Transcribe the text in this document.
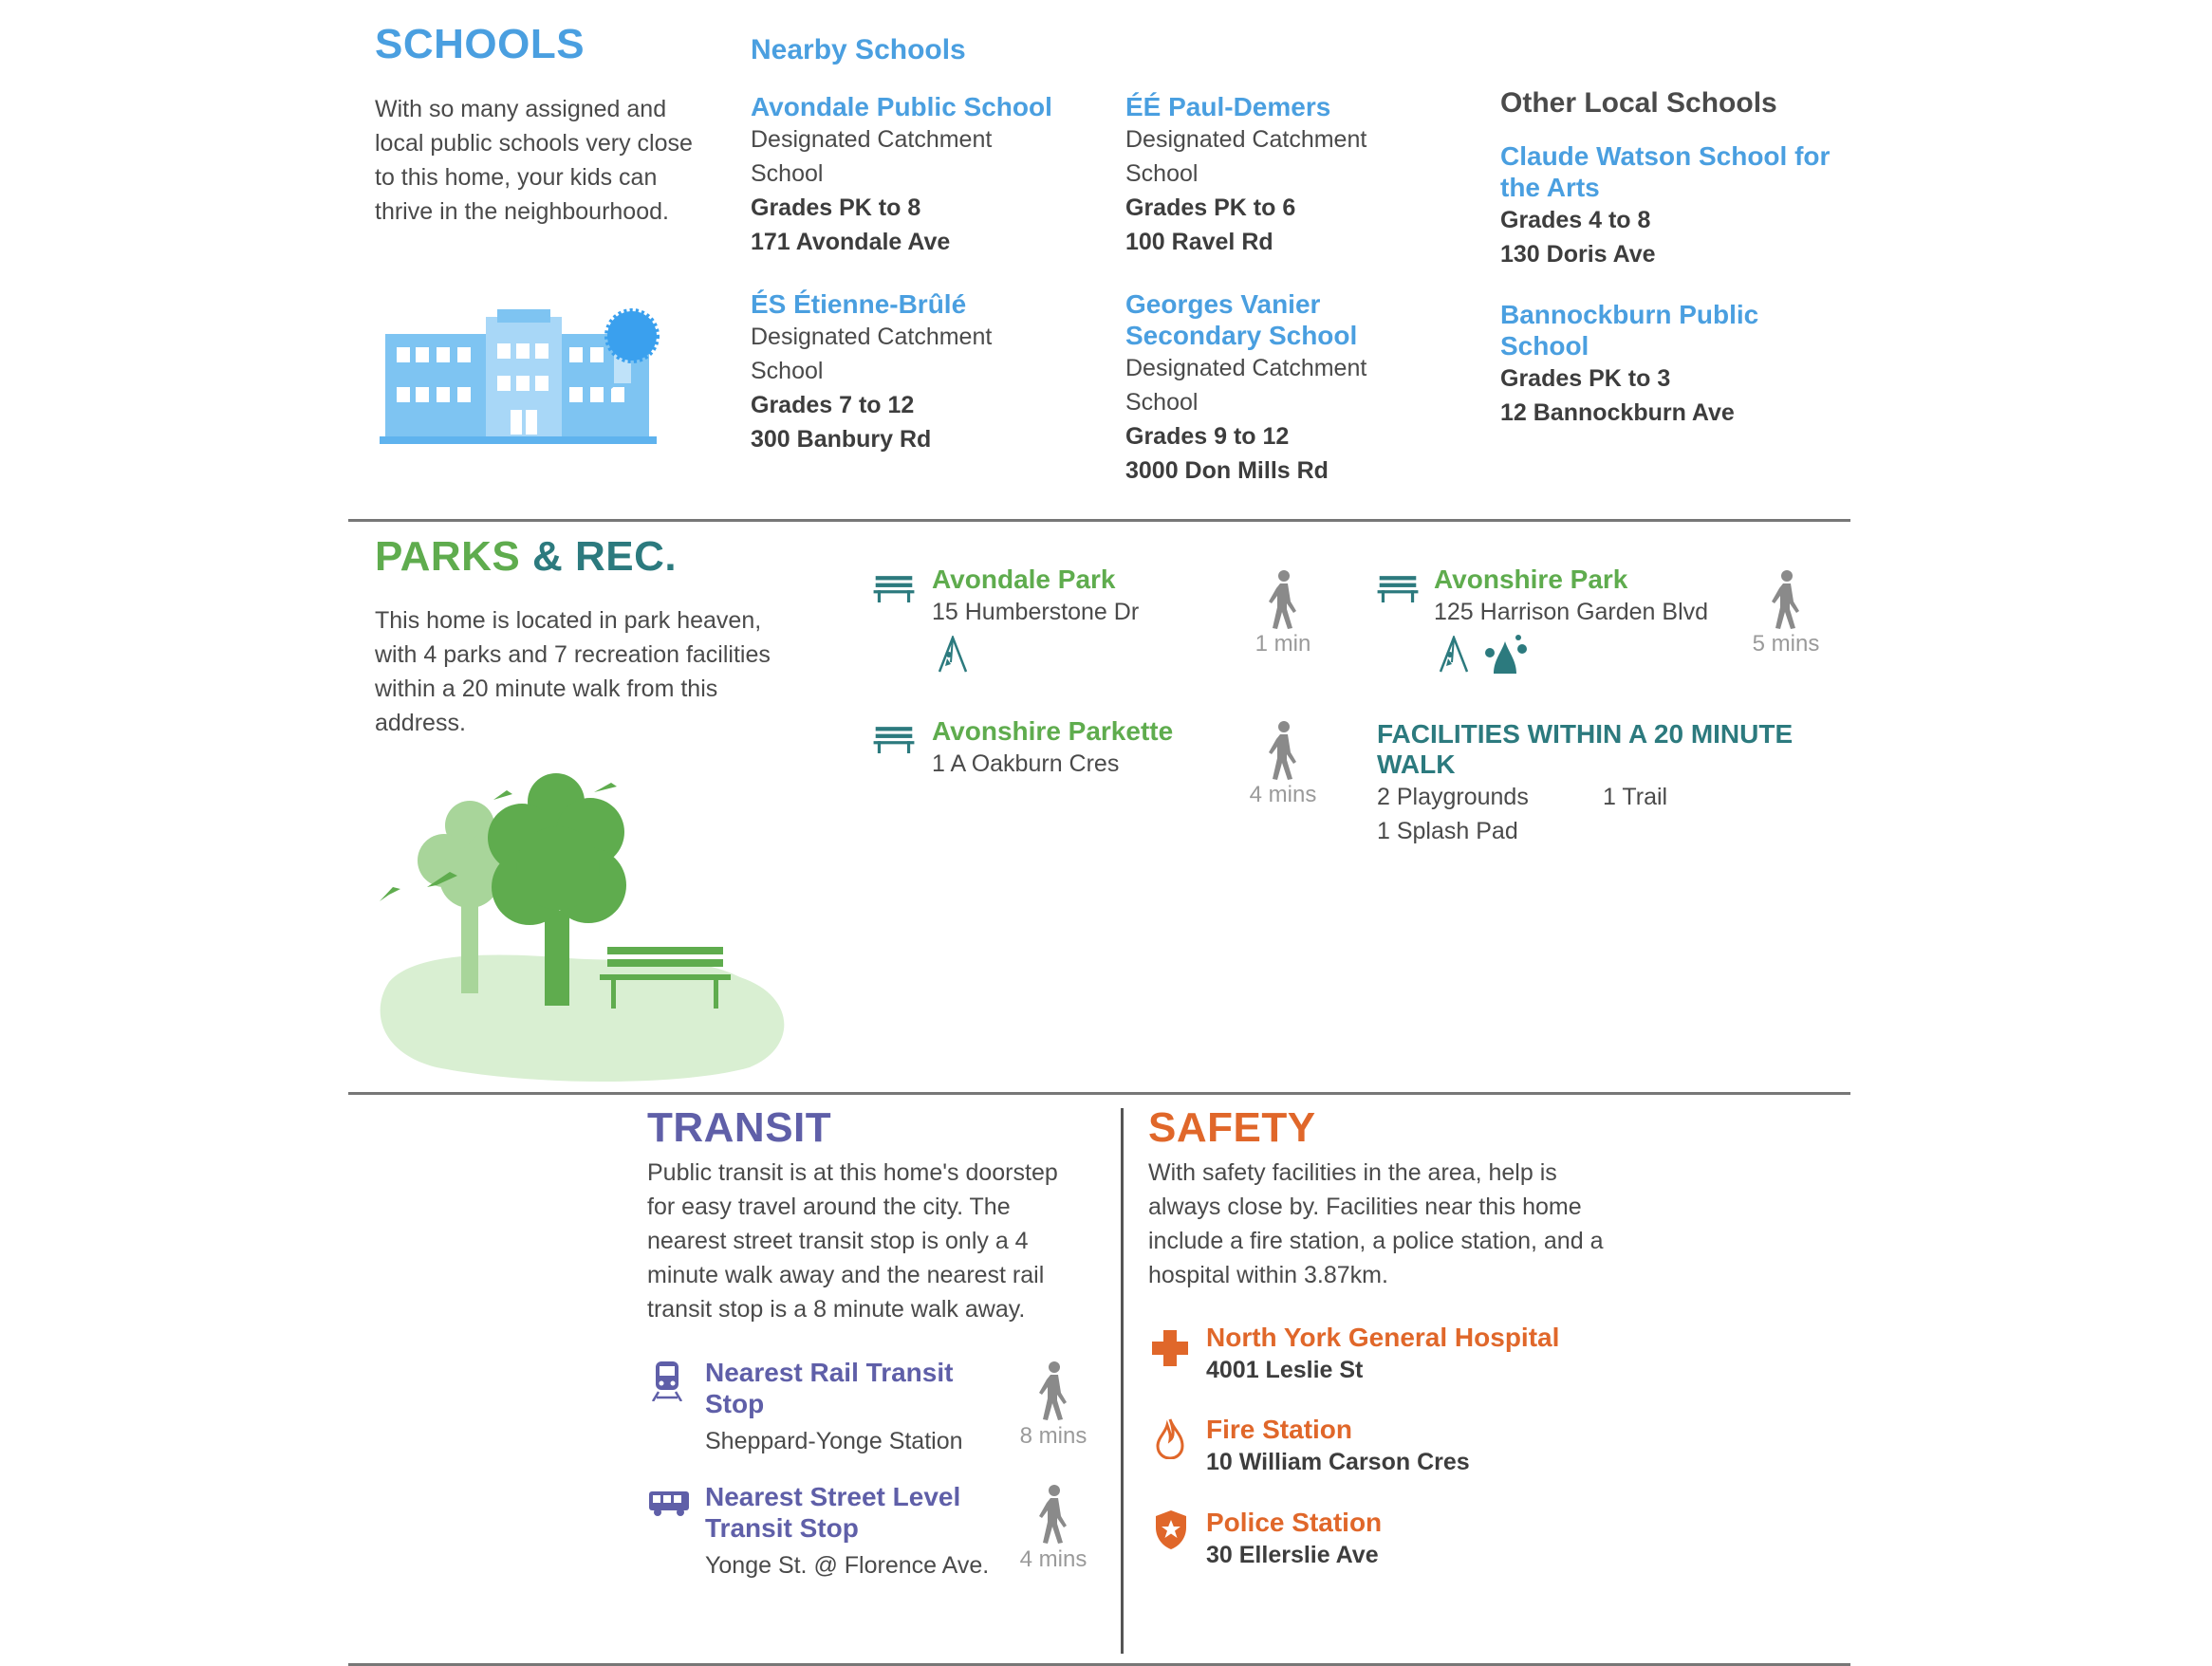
SCHOOLS
With so many assigned and local public schools very close to this home, your kids can thrive in the neighbourhood.
Nearby Schools
Avondale Public School
Designated Catchment School
Grades PK to 8
171 Avondale Ave
ÉÉ Paul-Demers
Designated Catchment School
Grades PK to 6
100 Ravel Rd
ÉS Étienne-Brûlé
Designated Catchment School
Grades 7 to 12
300 Banbury Rd
Georges Vanier Secondary School
Designated Catchment School
Grades 9 to 12
3000 Don Mills Rd
Other Local Schools
Claude Watson School for the Arts
Grades 4 to 8
130 Doris Ave
Bannockburn Public School
Grades PK to 3
12 Bannockburn Ave
PARKS & REC.
This home is located in park heaven, with 4 parks and 7 recreation facilities within a 20 minute walk from this address.
Avondale Park
15 Humberstone Dr
1 min
Avonshire Park
125 Harrison Garden Blvd
5 mins
Avonshire Parkette
1 A Oakburn Cres
4 mins
FACILITIES WITHIN A 20 MINUTE WALK
2 Playgrounds	1 Trail
1 Splash Pad
TRANSIT
Public transit is at this home's doorstep for easy travel around the city. The nearest street transit stop is only a 4 minute walk away and the nearest rail transit stop is a 8 minute walk away.
Nearest Rail Transit Stop
Sheppard-Yonge Station	8 mins
Nearest Street Level Transit Stop
Yonge St. @ Florence Ave.	4 mins
SAFETY
With safety facilities in the area, help is always close by. Facilities near this home include a fire station, a police station, and a hospital within 3.87km.
North York General Hospital
4001 Leslie St
Fire Station
10 William Carson Cres
Police Station
30 Ellerslie Ave
